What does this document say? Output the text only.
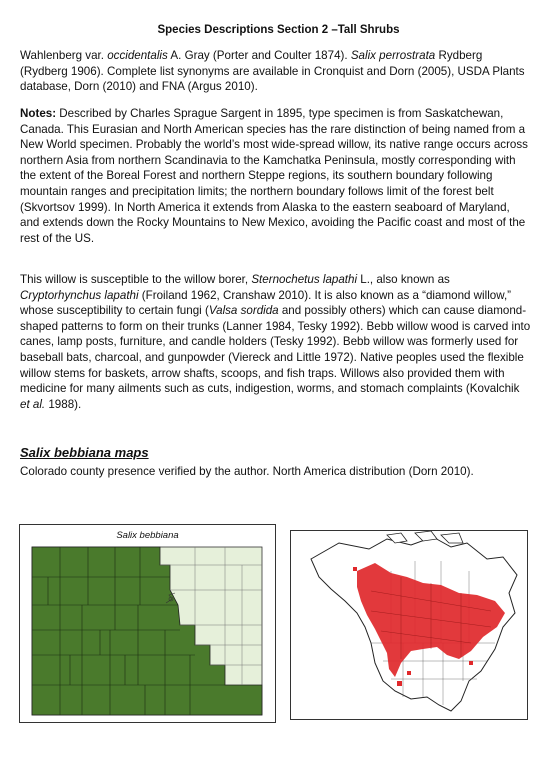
Species Descriptions Section 2 –Tall Shrubs

Wahlenberg var. occidentalis A. Gray (Porter and Coulter 1874). Salix perrostrata Rydberg (Rydberg 1906). Complete list synonyms are available in Cronquist and Dorn (2005), USDA Plants database, Dorn (2010) and FNA (Argus 2010).

Notes: Described by Charles Sprague Sargent in 1895, type specimen is from Saskatchewan, Canada. This Eurasian and North American species has the rare distinction of being named from a New World specimen. Probably the world’s most wide-spread willow, its native range occurs across northern Asia from northern Scandinavia to the Kamchatka Peninsula, mostly corresponding with the extent of the Boreal Forest and northern Steppe regions, its southern boundary following mountain ranges and precipitation limits; the northern boundary follows limit of the forest belt (Skvortsov 1999). In North America it extends from Alaska to the eastern seaboard of Maryland, and extends down the Rocky Mountains to New Mexico, avoiding the Pacific coast and most of the rest of the US.

This willow is susceptible to the willow borer, Sternochetus lapathi L., also known as Cryptorhynchus lapathi (Froiland 1962, Cranshaw 2010). It is also known as a “diamond willow,” whose susceptibility to certain fungi (Valsa sordida and possibly others) which can cause diamond-shaped patterns to form on their trunks (Lanner 1984, Tesky 1992). Bebb willow wood is carved into canes, lamp posts, furniture, and candle holders (Tesky 1992). Bebb willow was formerly used for baseball bats, charcoal, and gunpowder (Viereck and Little 1972). Native peoples used the flexible willow stems for baskets, arrow shafts, scoops, and fish traps. Willows also provided them with medicine for many ailments such as cuts, indigestion, worms, and stomach complaints (Kovalchik et al. 1988).

Salix bebbiana maps

Colorado county presence verified by the author. North America distribution (Dorn 2010).

Salix bebbiana
